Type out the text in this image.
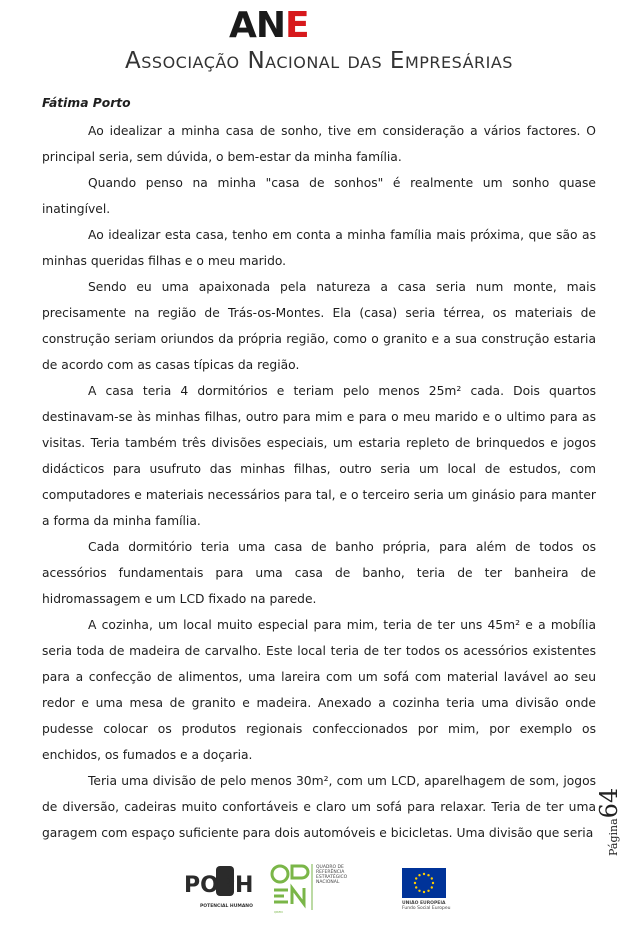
ANE
Associação Nacional das Empresárias
Fátima Porto

Ao idealizar a minha casa de sonho, tive em consideração a vários factores. O principal seria, sem dúvida, o bem-estar da minha família.

Quando penso na minha "casa de sonhos" é realmente um sonho quase inatingível.

Ao idealizar esta casa, tenho em conta a minha família mais próxima, que são as minhas queridas filhas e o meu marido.

Sendo eu uma apaixonada pela natureza a casa seria num monte, mais precisamente na região de Trás-os-Montes. Ela (casa) seria térrea, os materiais de construção seriam oriundos da própria região, como o granito e a sua construção estaria de acordo com as casas típicas da região.

A casa teria 4 dormitórios e teriam pelo menos 25m² cada. Dois quartos destinavam-se às minhas filhas, outro para mim e para o meu marido e o ultimo para as visitas. Teria também três divisões especiais, um estaria repleto de brinquedos e jogos didácticos para usufruto das minhas filhas, outro seria um local de estudos, com computadores e materiais necessários para tal, e o terceiro seria um ginásio para manter a forma da minha família.

Cada dormitório teria uma casa de banho própria, para além de todos os acessórios fundamentais para uma casa de banho, teria de ter banheira de hidromassagem e um LCD fixado na parede.

A cozinha, um local muito especial para mim, teria de ter uns 45m² e a mobília seria toda de madeira de carvalho. Este local teria de ter todos os acessórios existentes para a confecção de alimentos, uma lareira com um sofá com material lavável ao seu redor e uma mesa de granito e madeira. Anexado a cozinha teria uma divisão onde pudesse colocar os produtos regionais confeccionados por mim, por exemplo os enchidos, os fumados e a doçaria.

Teria uma divisão de pelo menos 30m², com um LCD, aparelhagem de som, jogos de diversão, cadeiras muito confortáveis e claro um sofá para relaxar. Teria de ter uma garagem com espaço suficiente para dois automóveis e bicicletas. Uma divisão que seria	Página64
POPH
POTENCIAL HUMANO
QREN
QUADRO DE REFERÊNCIA ESTRATÉGICO NACIONAL
UNIÃO EUROPEIA
Fundo Social Europeu
